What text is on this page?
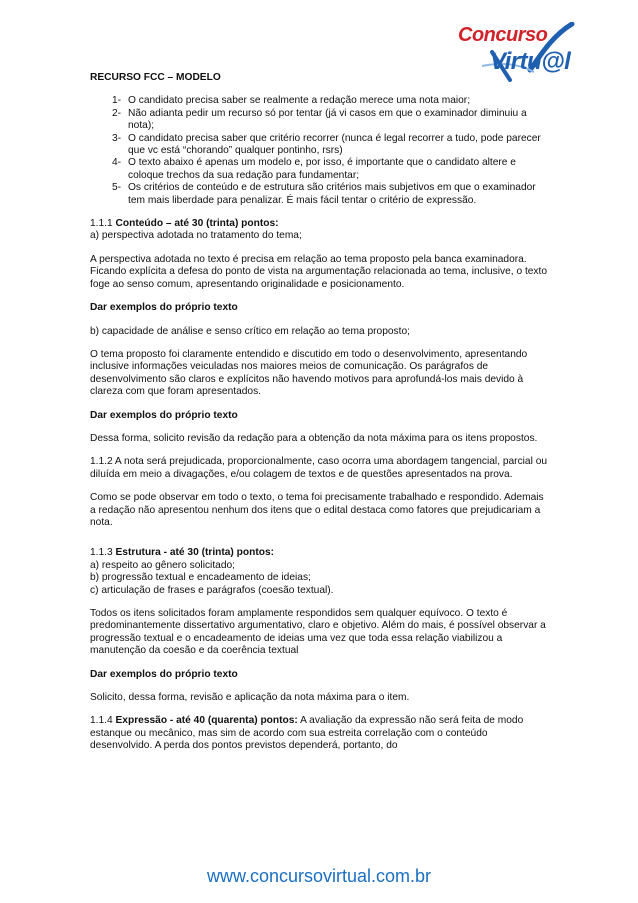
Concurso
Virtu@l
RECURSO FCC – MODELO
1- O candidato precisa saber se realmente a redação merece uma nota maior;
2- Não adianta pedir um recurso só por tentar (já vi casos em que o examinador diminuiu a nota);
3- O candidato precisa saber que critério recorrer (nunca é legal recorrer a tudo, pode parecer que vc está “chorando” qualquer pontinho, rsrs)
4- O texto abaixo é apenas um modelo e, por isso, é importante que o candidato altere e coloque trechos da sua redação para fundamentar;
5- Os critérios de conteúdo e de estrutura são critérios mais subjetivos em que o examinador tem mais liberdade para penalizar. É mais fácil tentar o critério de expressão.
1.1.1 Conteúdo – até 30 (trinta) pontos:
a) perspectiva adotada no tratamento do tema;

A perspectiva adotada no texto é precisa em relação ao tema proposto pela banca examinadora. Ficando explícita a defesa do ponto de vista na argumentação relacionada ao tema, inclusive, o texto foge ao senso comum, apresentando originalidade e posicionamento.

Dar exemplos do próprio texto

b) capacidade de análise e senso crítico em relação ao tema proposto;

O tema proposto foi claramente entendido e discutido em todo o desenvolvimento, apresentando inclusive informações veiculadas nos maiores meios de comunicação. Os parágrafos de desenvolvimento são claros e explícitos não havendo motivos para aprofundá-los mais devido à clareza com que foram apresentados.

Dar exemplos do próprio texto

Dessa forma, solicito revisão da redação para a obtenção da nota máxima para os itens propostos.

1.1.2 A nota será prejudicada, proporcionalmente, caso ocorra uma abordagem tangencial, parcial ou diluída em meio a divagações, e/ou colagem de textos e de questões apresentados na prova.

Como se pode observar em todo o texto, o tema foi precisamente trabalhado e respondido. Ademais a redação não apresentou nenhum dos itens que o edital destaca como fatores que prejudicariam a nota.

1.1.3 Estrutura - até 30 (trinta) pontos:
a) respeito ao gênero solicitado;
b) progressão textual e encadeamento de ideias;
c) articulação de frases e parágrafos (coesão textual).

Todos os itens solicitados foram amplamente respondidos sem qualquer equívoco. O texto é predominantemente dissertativo argumentativo, claro e objetivo. Além do mais, é possível observar a progressão textual e o encadeamento de ideias uma vez que toda essa relação viabilizou a manutenção da coesão e da coerência textual

Dar exemplos do próprio texto

Solicito, dessa forma, revisão e aplicação da nota máxima para o item.

1.1.4 Expressão - até 40 (quarenta) pontos: A avaliação da expressão não será feita de modo estanque ou mecânico, mas sim de acordo com sua estreita correlação com o conteúdo desenvolvido. A perda dos pontos previstos dependerá, portanto, do

www.concursovirtual.com.br
